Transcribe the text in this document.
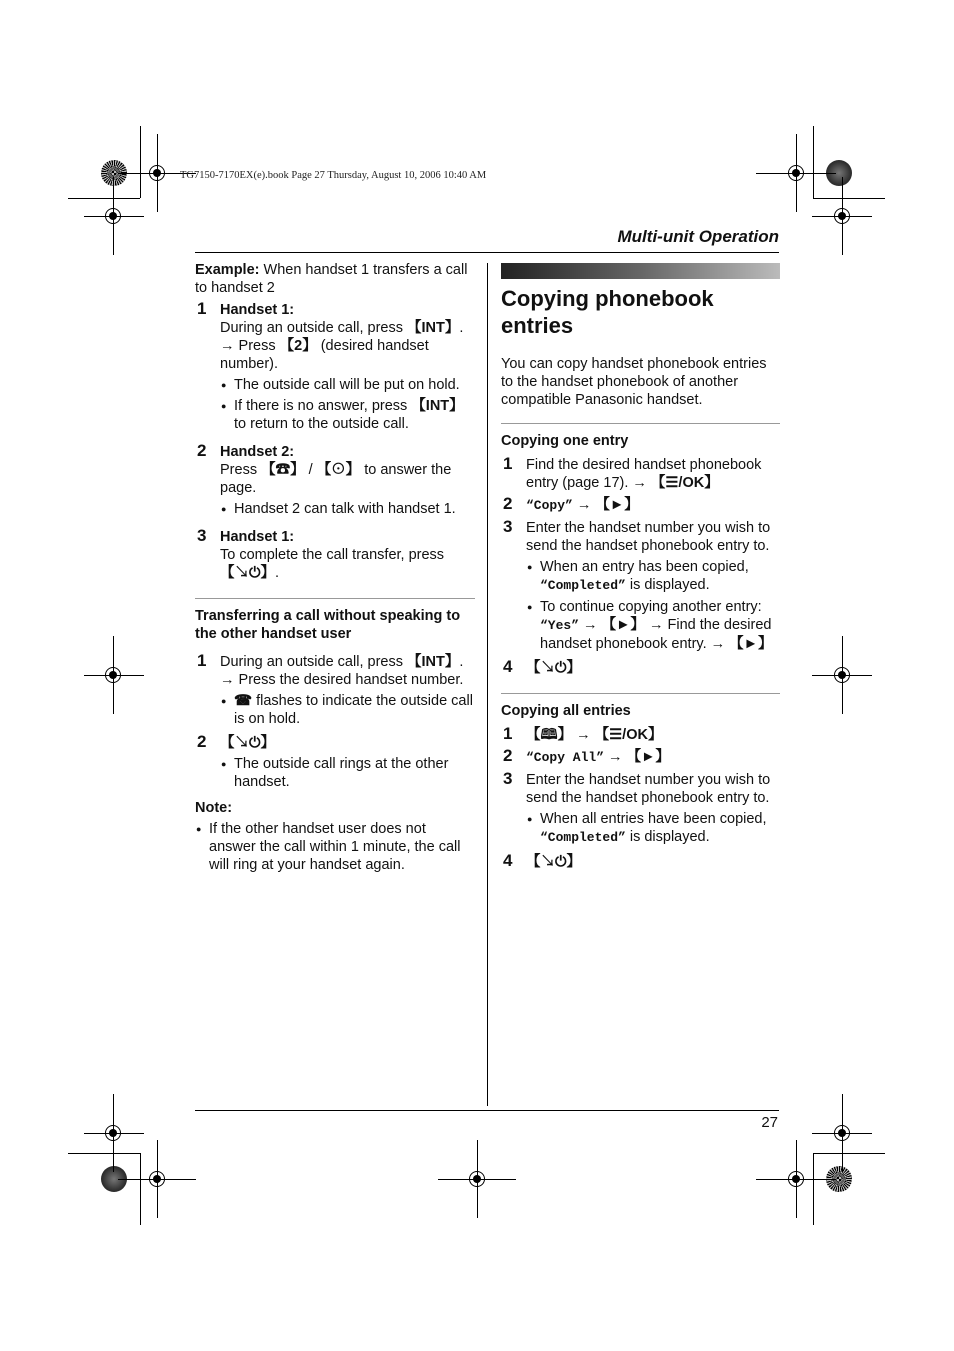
TG7150-7170EX(e).book Page 27 Thursday, August 10, 2006 10:40 AM
Multi-unit Operation
27

Example: When handset 1 transfers a call to handset 2

1 Handset 1:
During an outside call, press 【INT】. → Press 【2】 (desired handset number).
● The outside call will be put on hold.
● If there is no answer, press 【INT】 to return to the outside call.
2 Handset 2:
Press 【☎】 / 【⊙】 to answer the page.
● Handset 2 can talk with handset 1.
3 Handset 1:
To complete the call transfer, press 【↘⏻】.
Transferring a call without speaking to the other handset user
1 During an outside call, press 【INT】. → Press the desired handset number.
● ☎ flashes to indicate the outside call is on hold.
2 【↘⏻】
● The outside call rings at the other handset.
Note:
● If the other handset user does not answer the call within 1 minute, the call will ring at your handset again.
Copying phonebook entries

You can copy handset phonebook entries to the handset phonebook of another compatible Panasonic handset.

Copying one entry
1 Find the desired handset phonebook entry (page 17). → 【☰/OK】
2 “Copy” → 【►】
3 Enter the handset number you wish to send the handset phonebook entry to.
● When an entry has been copied, “Completed” is displayed.
● To continue copying another entry: “Yes” → 【►】 → Find the desired handset phonebook entry. → 【►】
4 【↘⏻】
Copying all entries
1 【🕮】 → 【☰/OK】
2 “Copy All” → 【►】
3 Enter the handset number you wish to send the handset phonebook entry to.
● When all entries have been copied, “Completed” is displayed.
4 【↘⏻】
